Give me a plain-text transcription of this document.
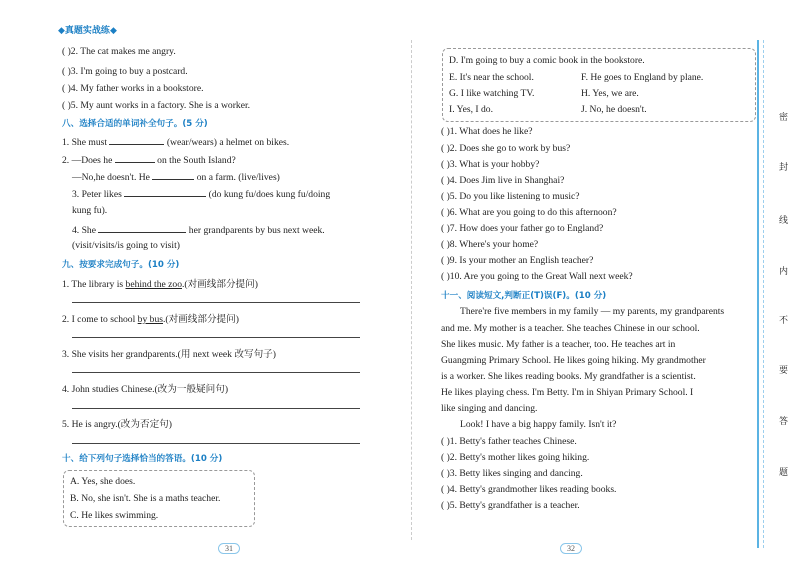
◆真题实战练◆
( )2. The cat makes me angry.
( )3. I'm going to buy a postcard.
( )4. My father works in a bookstore.
( )5. My aunt works in a factory. She is a worker.
八、选择合适的单词补全句子。(5 分)
1. She must	(wear/wears) a helmet on bikes.
2. —Does he	on the South Island?
—No,he doesn't. He	on a farm. (live/lives)
3. Peter likes	(do kung fu/does kung fu/doing
kung fu).
4. She	her grandparents by bus next week.
(visit/visits/is going to visit)
九、按要求完成句子。(10 分)
1. The library is behind the zoo.(对画线部分提问)
2. I come to school by bus.(对画线部分提问)
3. She visits her grandparents.(用 next week 改写句子)
4. John studies Chinese.(改为一般疑问句)
5. He is angry.(改为否定句)
十、给下列句子选择恰当的答语。(10 分)
A. Yes, she does.
B. No, she isn't. She is a maths teacher.
C. He likes swimming.
31
D. I'm going to buy a comic book in the bookstore.
E. It's near the school.	F. He goes to England by plane.
G. I like watching TV.	H. Yes, we are.
I. Yes, I do.	J. No, he doesn't.
( )1. What does he like?
( )2. Does she go to work by bus?
( )3. What is your hobby?
( )4. Does Jim live in Shanghai?
( )5. Do you like listening to music?
( )6. What are you going to do this afternoon?
( )7. How does your father go to England?
( )8. Where's your home?
( )9. Is your mother an English teacher?
( )10. Are you going to the Great Wall next week?
十一、阅读短文,判断正(T)误(F)。(10 分)
There're five members in my family — my parents, my grandparents
and me. My mother is a teacher. She teaches Chinese in our school.
She likes music. My father is a teacher, too. He teaches art in
Guangming Primary School. He likes going hiking. My grandmother
is a worker. She likes reading books. My grandfather is a scientist.
He likes playing chess. I'm Betty. I'm in Shiyan Primary School. I
like singing and dancing.
Look! I have a big happy family. Isn't it?
( )1. Betty's father teaches Chinese.
( )2. Betty's mother likes going hiking.
( )3. Betty likes singing and dancing.
( )4. Betty's grandmother likes reading books.
( )5. Betty's grandfather is a teacher.
32
密
封
线
内
不
要
答
题
